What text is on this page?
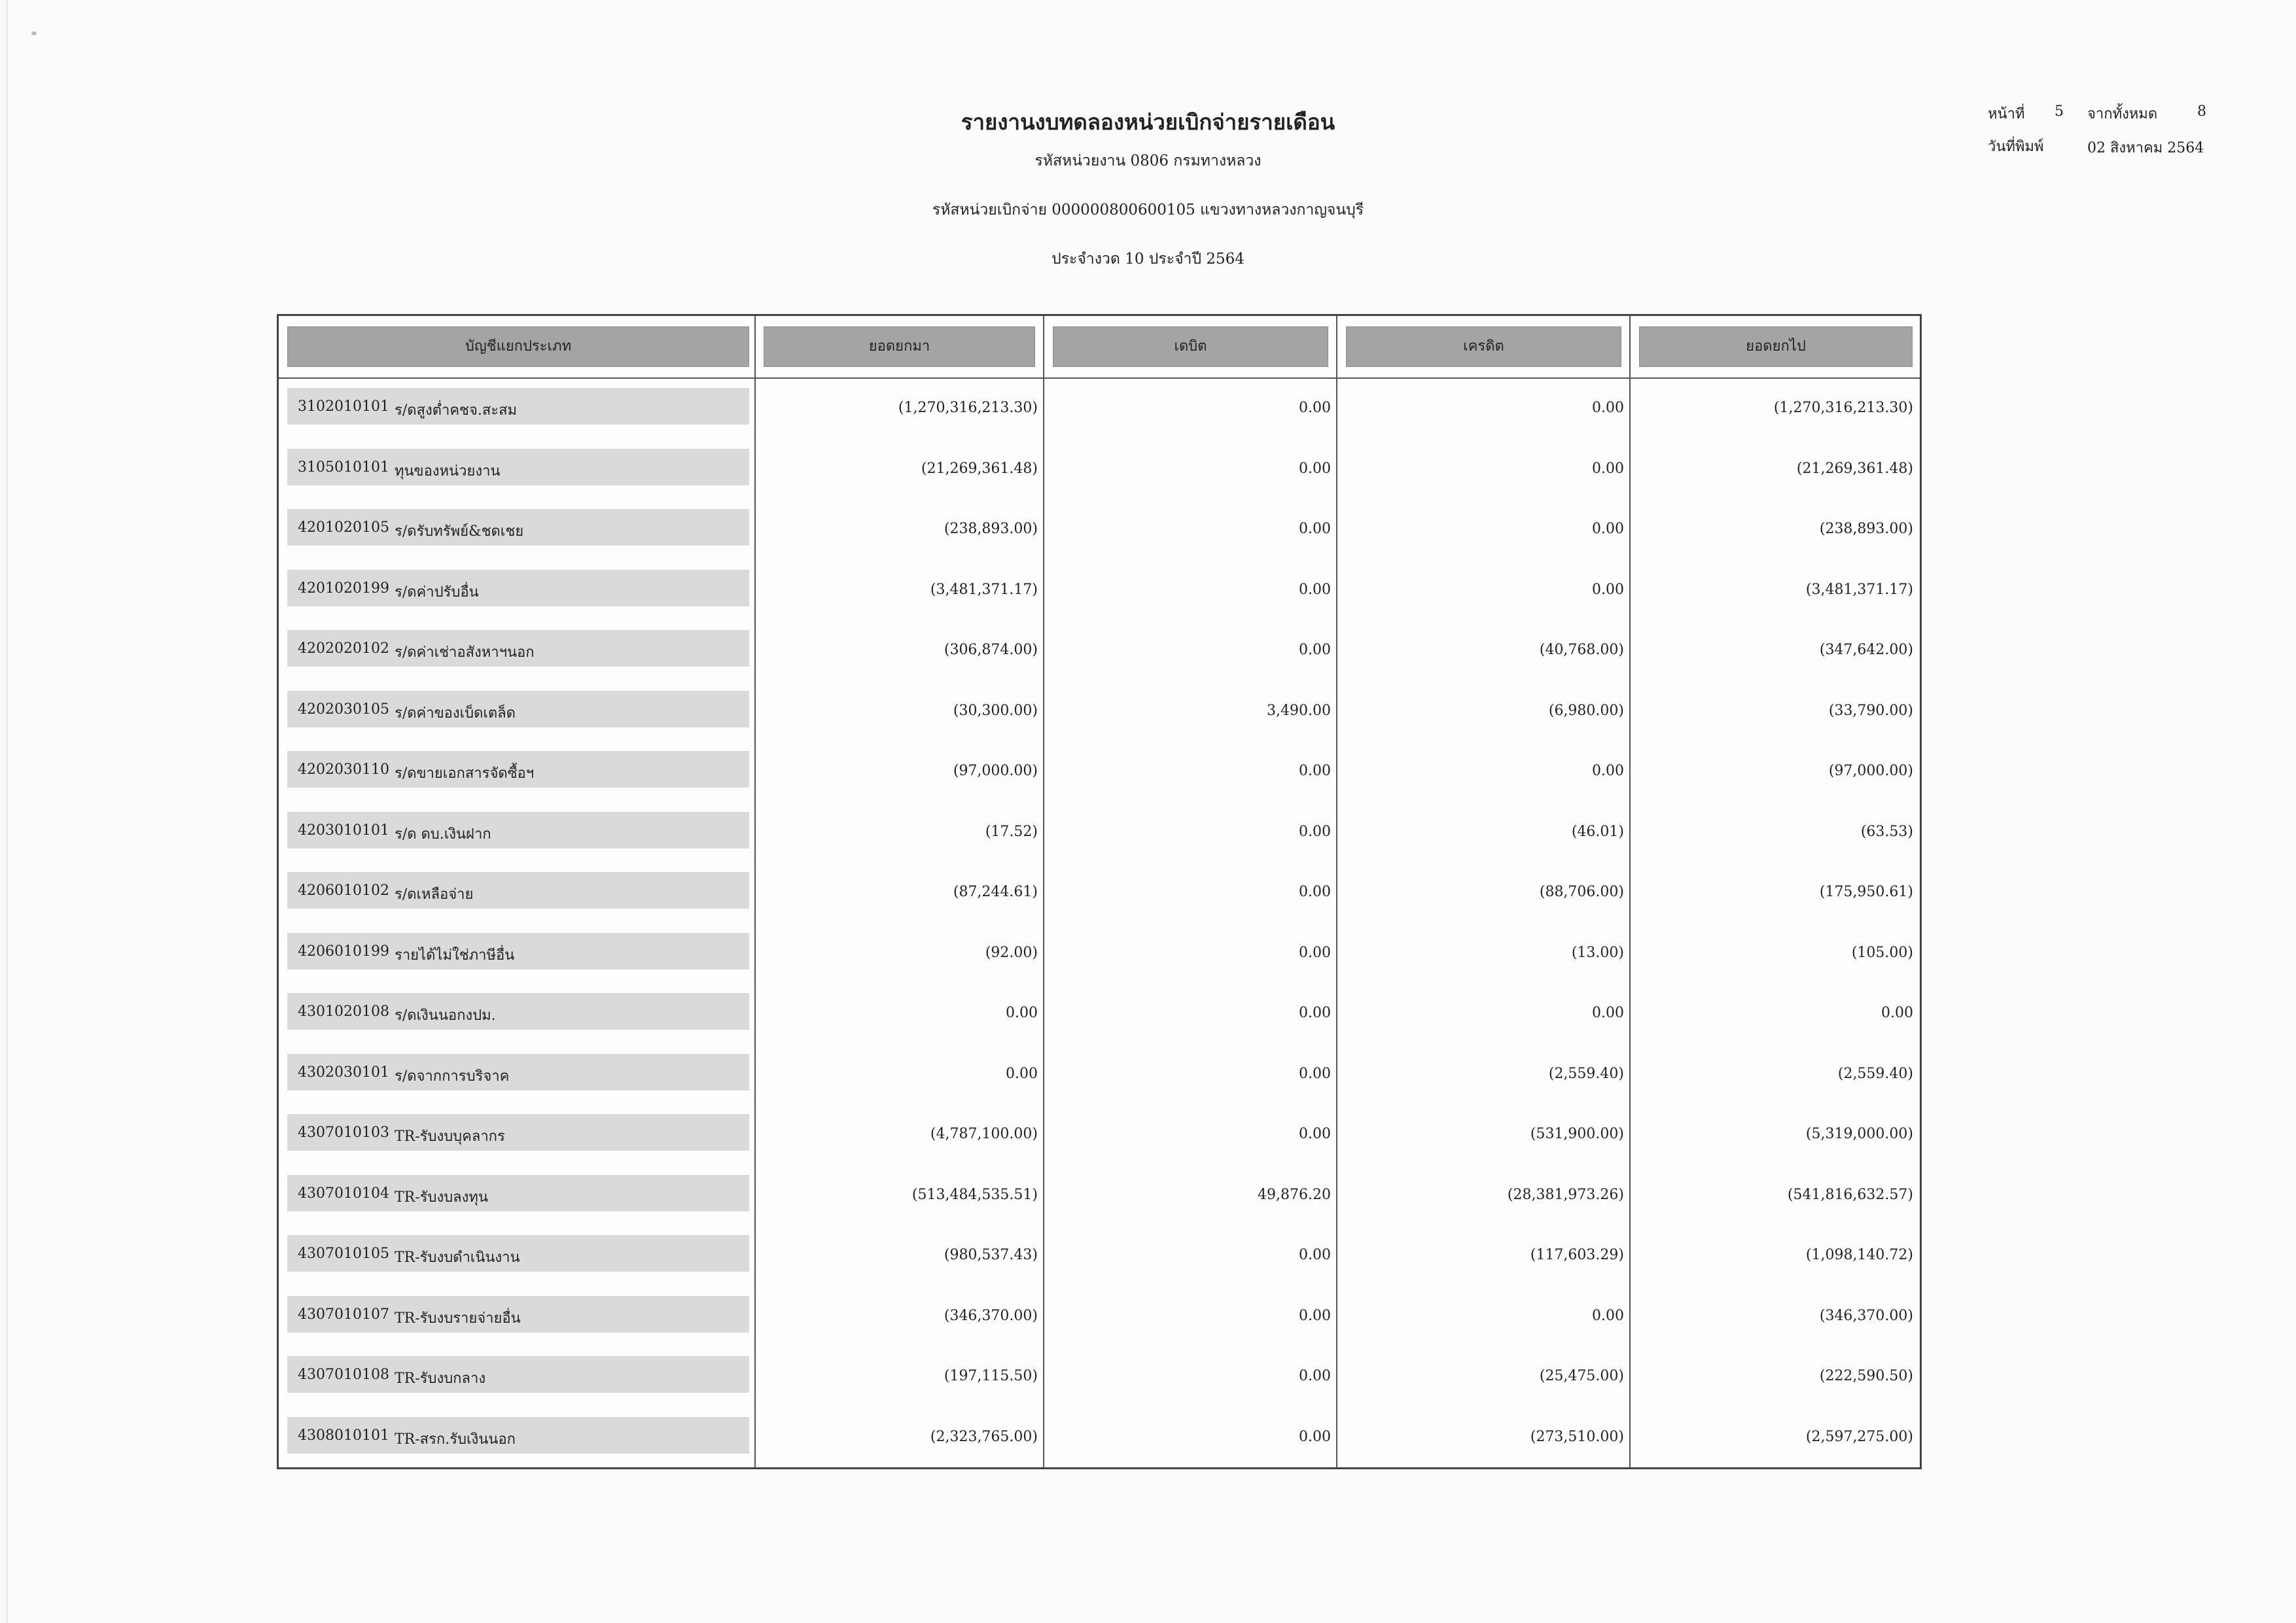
รายงานงบทดลองหน่วยเบิกจ่ายรายเดือน
รหัสหน่วยงาน 0806 กรมทางหลวง
รหัสหน่วยเบิกจ่าย 000000800600105 แขวงทางหลวงกาญจนบุรี
ประจำงวด 10 ประจำปี 2564
หน้าที่ 5 จากทั้งหมด	8
วันที่พิมพ์	02 สิงหาคม 2564
บัญชีแยกประเภท	ยอดยกมา	เดบิต	เครดิต	ยอดยกไป
3102010101 ร/ดสูงต่ำคชจ.สะสม	(1,270,316,213.30)	0.00	0.00	(1,270,316,213.30)
3105010101 ทุนของหน่วยงาน	(21,269,361.48)	0.00	0.00	(21,269,361.48)
4201020105 ร/ดรับทรัพย์&ชดเชย	(238,893.00)	0.00	0.00	(238,893.00)
4201020199 ร/ดค่าปรับอื่น	(3,481,371.17)	0.00	0.00	(3,481,371.17)
4202020102 ร/ดค่าเช่าอสังหาฯนอก	(306,874.00)	0.00	(40,768.00)	(347,642.00)
4202030105 ร/ดค่าของเบ็ดเตล็ด	(30,300.00)	3,490.00	(6,980.00)	(33,790.00)
4202030110 ร/ดขายเอกสารจัดซื้อฯ	(97,000.00)	0.00	0.00	(97,000.00)
4203010101 ร/ด ดบ.เงินฝาก	(17.52)	0.00	(46.01)	(63.53)
4206010102 ร/ดเหลือจ่าย	(87,244.61)	0.00	(88,706.00)	(175,950.61)
4206010199 รายได้ไม่ใช่ภาษีอื่น	(92.00)	0.00	(13.00)	(105.00)
4301020108 ร/ดเงินนอกงปม.	0.00	0.00	0.00	0.00
4302030101 ร/ดจากการบริจาค	0.00	0.00	(2,559.40)	(2,559.40)
4307010103 TR-รับงบบุคลากร	(4,787,100.00)	0.00	(531,900.00)	(5,319,000.00)
4307010104 TR-รับงบลงทุน	(513,484,535.51)	49,876.20	(28,381,973.26)	(541,816,632.57)
4307010105 TR-รับงบดำเนินงาน	(980,537.43)	0.00	(117,603.29)	(1,098,140.72)
4307010107 TR-รับงบรายจ่ายอื่น	(346,370.00)	0.00	0.00	(346,370.00)
4307010108 TR-รับงบกลาง	(197,115.50)	0.00	(25,475.00)	(222,590.50)
4308010101 TR-สรก.รับเงินนอก	(2,323,765.00)	0.00	(273,510.00)	(2,597,275.00)
